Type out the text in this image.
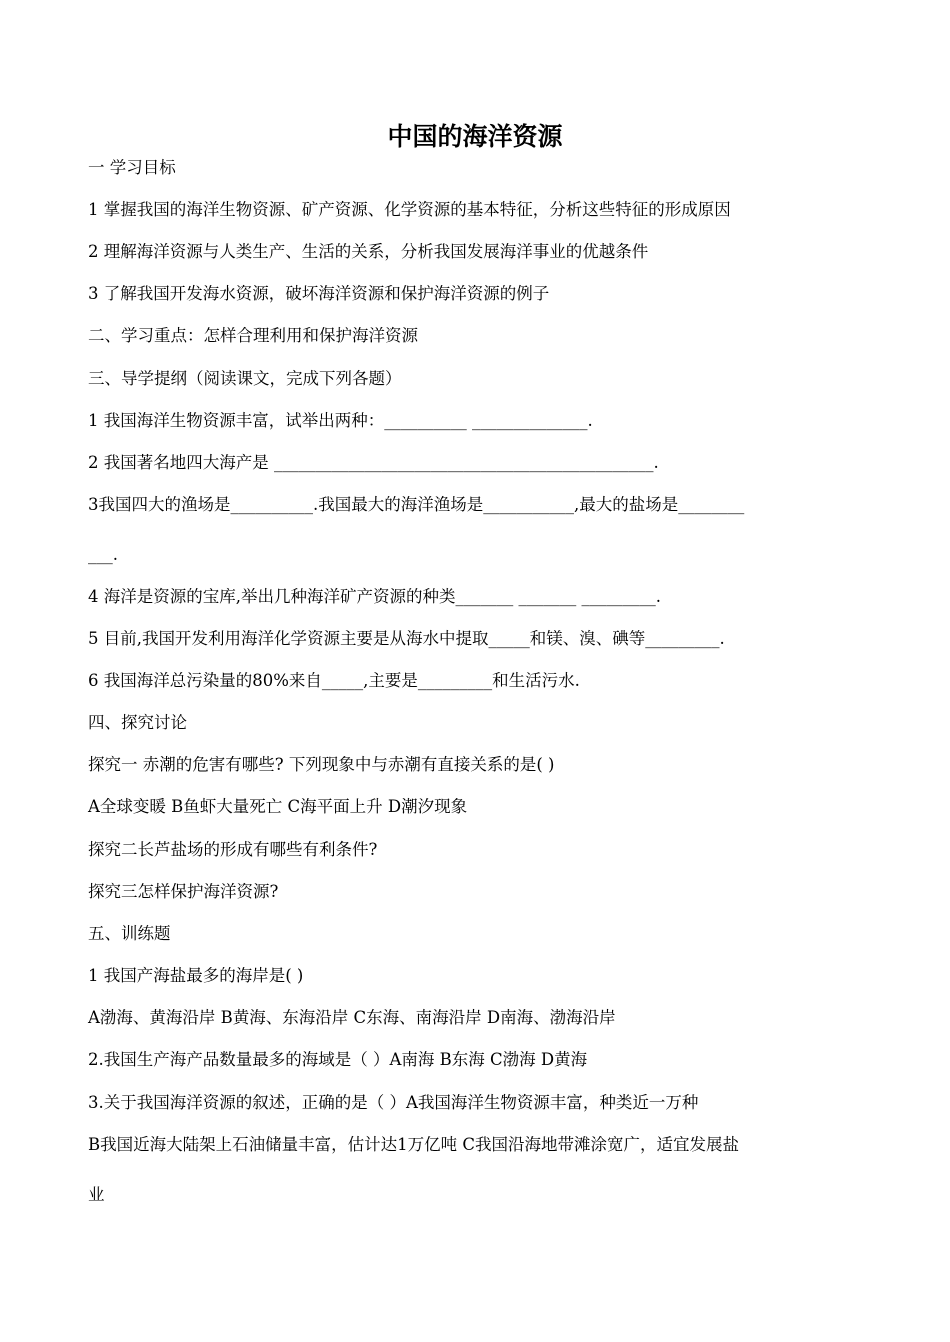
中国的海洋资源
一 学习目标
1 掌握我国的海洋生物资源、矿产资源、化学资源的基本特征，分析这些特征的形成原因
2 理解海洋资源与人类生产、生活的关系，分析我国发展海洋事业的优越条件
3 了解我国开发海水资源，破坏海洋资源和保护海洋资源的例子
二、学习重点：怎样合理利用和保护海洋资源
三、导学提纲（阅读课文，完成下列各题）
1 我国海洋生物资源丰富，试举出两种：__________ ______________.
2 我国著名地四大海产是 ______________________________________________.
3我国四大的渔场是__________.我国最大的海洋渔场是___________,最大的盐场是________
___.
4 海洋是资源的宝库,举出几种海洋矿产资源的种类_______ _______ _________.
5 目前,我国开发利用海洋化学资源主要是从海水中提取_____和镁、溴、碘等_________.
6 我国海洋总污染量的80%来自_____,主要是_________和生活污水.
四、探究讨论
探究一 赤潮的危害有哪些? 下列现象中与赤潮有直接关系的是( )
A全球变暖 B鱼虾大量死亡 C海平面上升 D潮汐现象
探究二长芦盐场的形成有哪些有利条件?
探究三怎样保护海洋资源?
五、训练题
1 我国产海盐最多的海岸是( )
A渤海、黄海沿岸 B黄海、东海沿岸 C东海、南海沿岸 D南海、渤海沿岸
2.我国生产海产品数量最多的海域是（ ）A南海 B东海 C渤海 D黄海
3.关于我国海洋资源的叙述，正确的是（ ）A我国海洋生物资源丰富，种类近一万种
B我国近海大陆架上石油储量丰富，估计达1万亿吨 C我国沿海地带滩涂宽广，适宜发展盐
业
